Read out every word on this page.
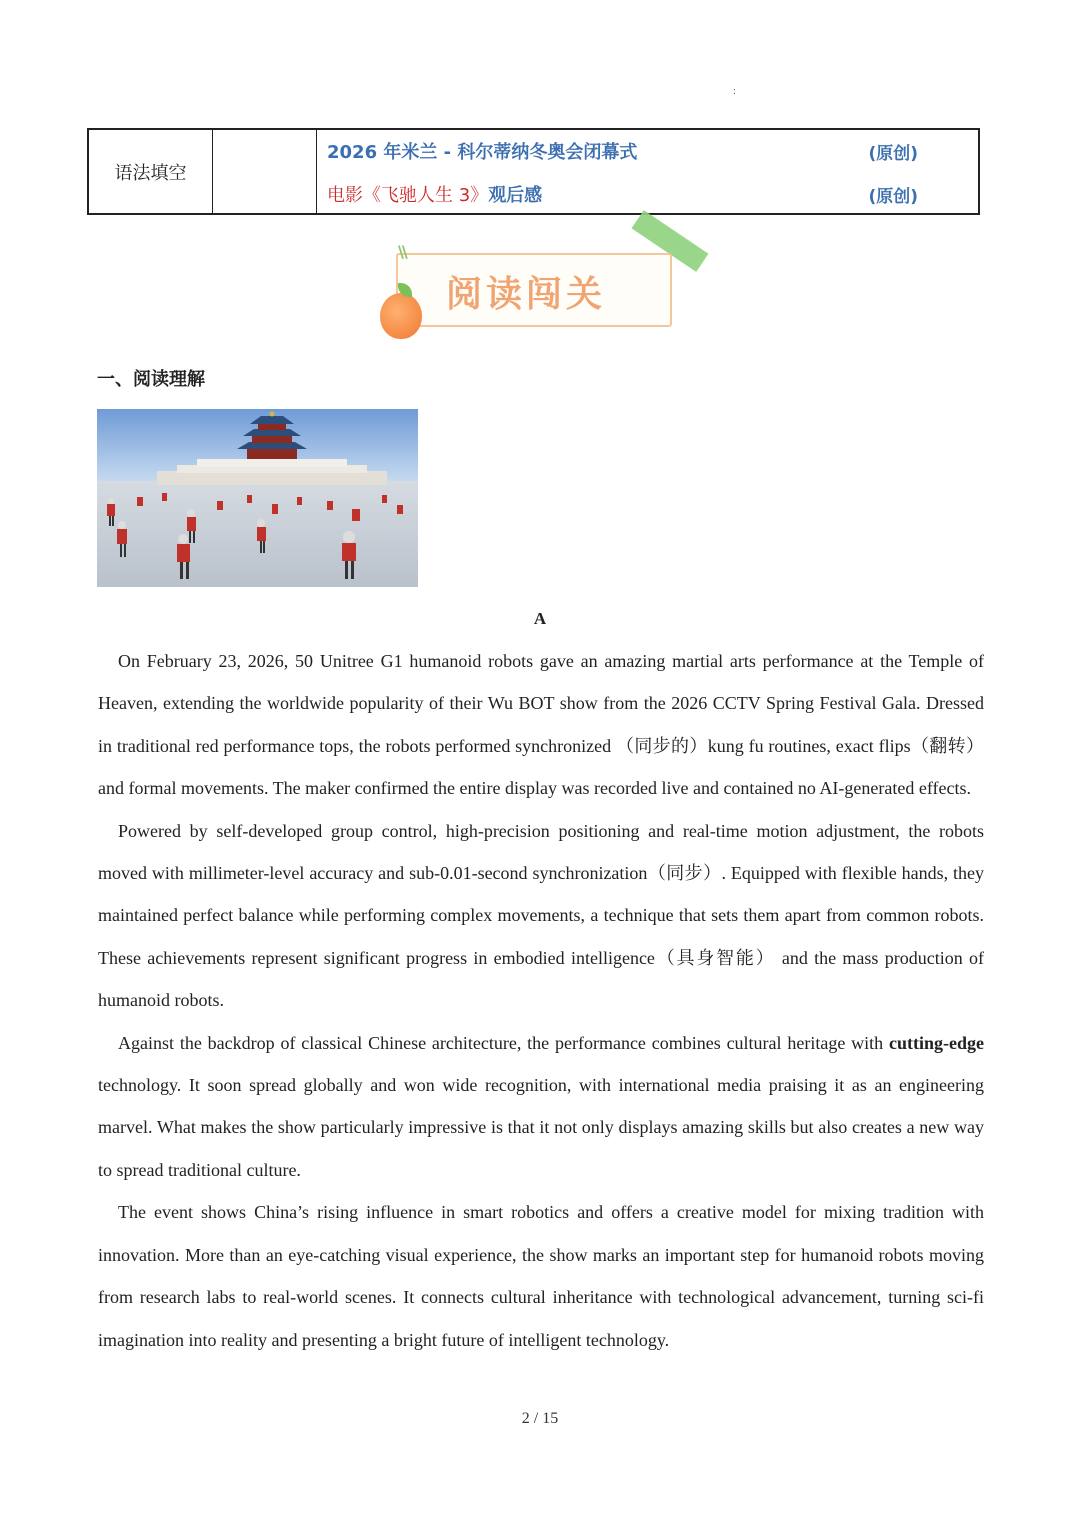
:
语法填空
2026 年米兰 - 科尔蒂纳冬奥会闭幕式	(原创)
电影《飞驰人生 3》观后感	(原创)
\\
阅读闯关
一、阅读理解
A

On February 23, 2026, 50 Unitree G1 humanoid robots gave an amazing martial arts performance at the Temple of Heaven, extending the worldwide popularity of their Wu BOT show from the 2026 CCTV Spring Festival Gala. Dressed in traditional red performance tops, the robots performed synchronized （同步的）kung fu routines, exact flips（翻转） and formal movements. The maker confirmed the entire display was recorded live and contained no AI-generated effects.

Powered by self-developed group control, high-precision positioning and real-time motion adjustment, the robots moved with millimeter-level accuracy and sub-0.01-second synchronization（同步）. Equipped with flexible hands, they maintained perfect balance while performing complex movements, a technique that sets them apart from common robots. These achievements represent significant progress in embodied intelligence（具身智能） and the mass production of humanoid robots.

Against the backdrop of classical Chinese architecture, the performance combines cultural heritage with cutting-edge technology. It soon spread globally and won wide recognition, with international media praising it as an engineering marvel. What makes the show particularly impressive is that it not only displays amazing skills but also creates a new way to spread traditional culture.

The event shows China’s rising influence in smart robotics and offers a creative model for mixing tradition with innovation. More than an eye-catching visual experience, the show marks an important step for humanoid robots moving from research labs to real-world scenes. It connects cultural inheritance with technological advancement, turning sci-fi imagination into reality and presenting a bright future of intelligent technology.

2 / 15
